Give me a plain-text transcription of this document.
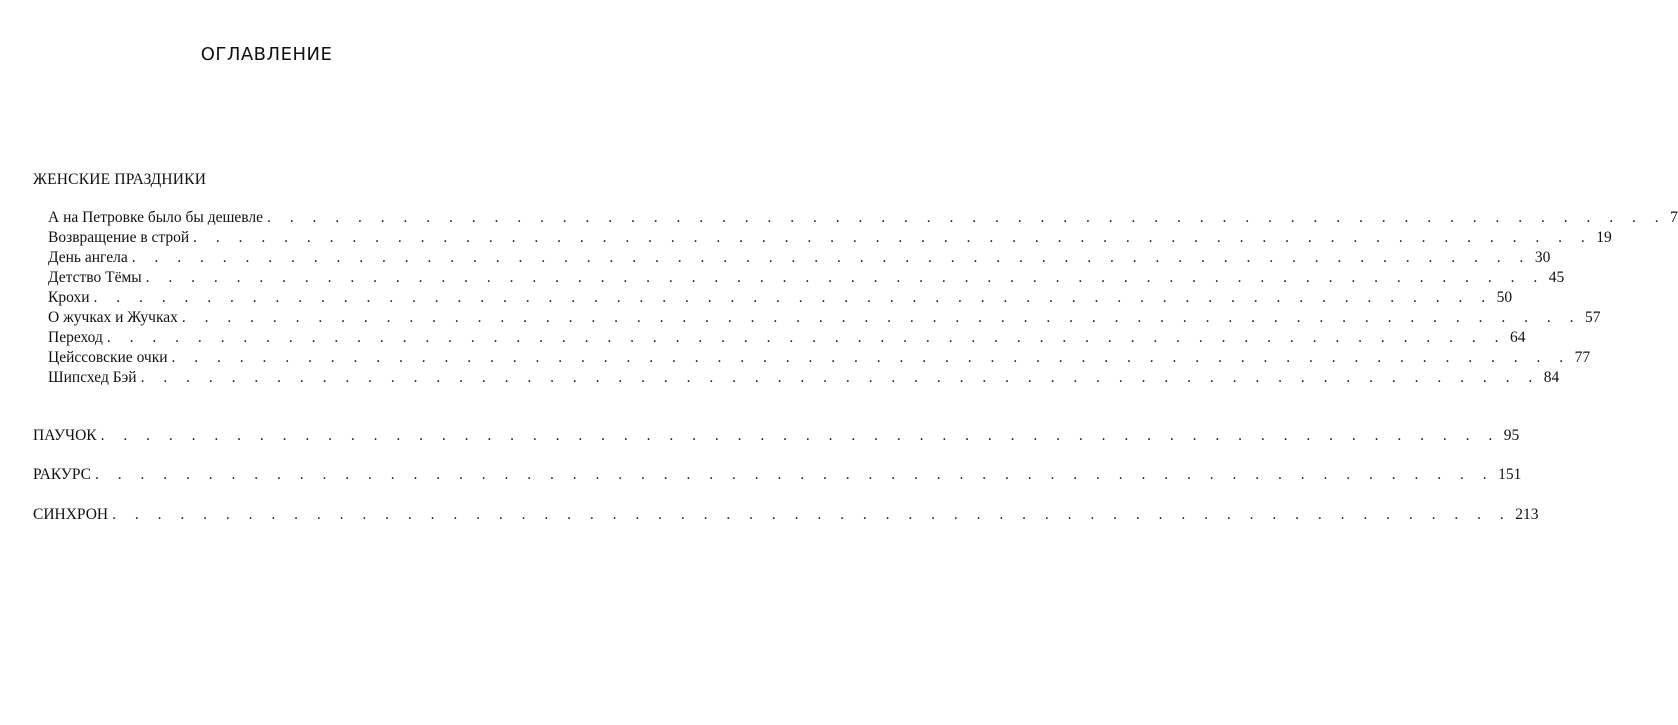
ОГЛАВЛЕНИЕ
ЖЕНСКИЕ ПРАЗДНИКИ
А на Петровке было бы дешевле . . . . . . . . . . . . . . . . . . . . . . . . . . . . . . . . . . . . . . . . . . . . . . . . . . . . . . . . . . . . . . 7
Возвращение в строй . . . . . . . . . . . . . . . . . . . . . . . . . . . . . . . . . . . . . . . . . . . . . . . . . . . . . . . . . . . . . . 19
День ангела . . . . . . . . . . . . . . . . . . . . . . . . . . . . . . . . . . . . . . . . . . . . . . . . . . . . . . . . . . . . . . 30
Детство Тёмы . . . . . . . . . . . . . . . . . . . . . . . . . . . . . . . . . . . . . . . . . . . . . . . . . . . . . . . . . . . . . . 45
Крохи . . . . . . . . . . . . . . . . . . . . . . . . . . . . . . . . . . . . . . . . . . . . . . . . . . . . . . . . . . . . . . 50
О жучках и Жучках . . . . . . . . . . . . . . . . . . . . . . . . . . . . . . . . . . . . . . . . . . . . . . . . . . . . . . . . . . . . . . 57
Переход . . . . . . . . . . . . . . . . . . . . . . . . . . . . . . . . . . . . . . . . . . . . . . . . . . . . . . . . . . . . . . 64
Цейссовские очки . . . . . . . . . . . . . . . . . . . . . . . . . . . . . . . . . . . . . . . . . . . . . . . . . . . . . . . . . . . . . . 77
Шипсхед Бэй . . . . . . . . . . . . . . . . . . . . . . . . . . . . . . . . . . . . . . . . . . . . . . . . . . . . . . . . . . . . . . 84
ПАУЧОК . . . . . . . . . . . . . . . . . . . . . . . . . . . . . . . . . . . . . . . . . . . . . . . . . . . . . . . . . . . . . . 95
РАКУРС . . . . . . . . . . . . . . . . . . . . . . . . . . . . . . . . . . . . . . . . . . . . . . . . . . . . . . . . . . . . . . 151
СИНХРОН . . . . . . . . . . . . . . . . . . . . . . . . . . . . . . . . . . . . . . . . . . . . . . . . . . . . . . . . . . . . . . 213
